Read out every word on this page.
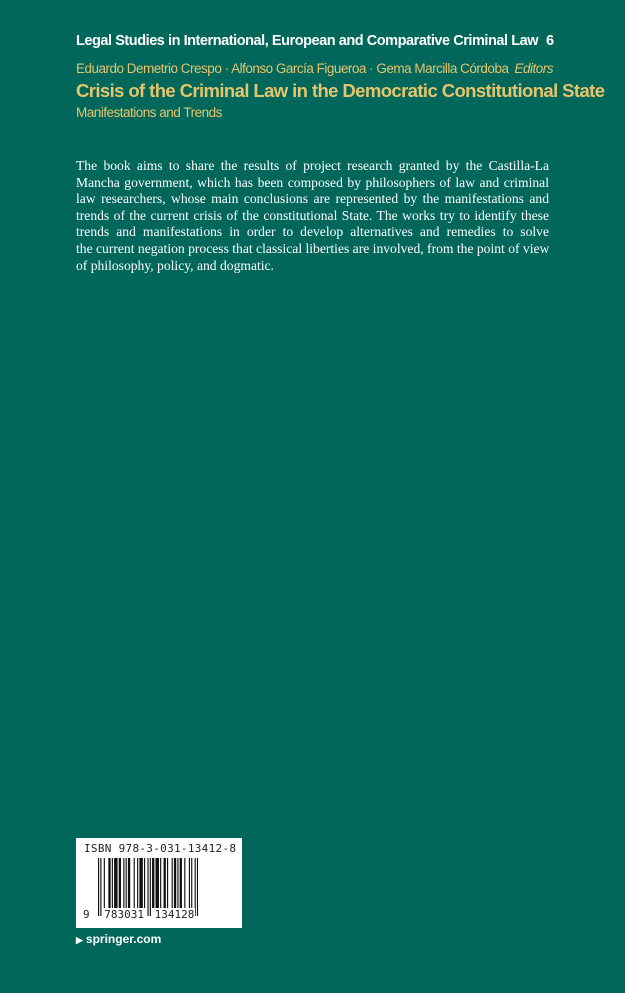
Legal Studies in International, European and Comparative Criminal Law 6
Eduardo Demetrio Crespo · Alfonso García Figueroa · Gema Marcilla Córdoba Editors
Crisis of the Criminal Law in the Democratic Constitutional State
Manifestations and Trends
The book aims to share the results of project research granted by the Castilla-La
Mancha government, which has been composed by philosophers of law and criminal
law researchers, whose main conclusions are represented by the manifestations and
trends of the current crisis of the constitutional State. The works try to identify these
trends and manifestations in order to develop alternatives and remedies to solve
the current negation process that classical liberties are involved, from the point of view
of philosophy, policy, and dogmatic.
ISBN 978-3-031-13412-8
9 783031 134128
▶ springer.com
